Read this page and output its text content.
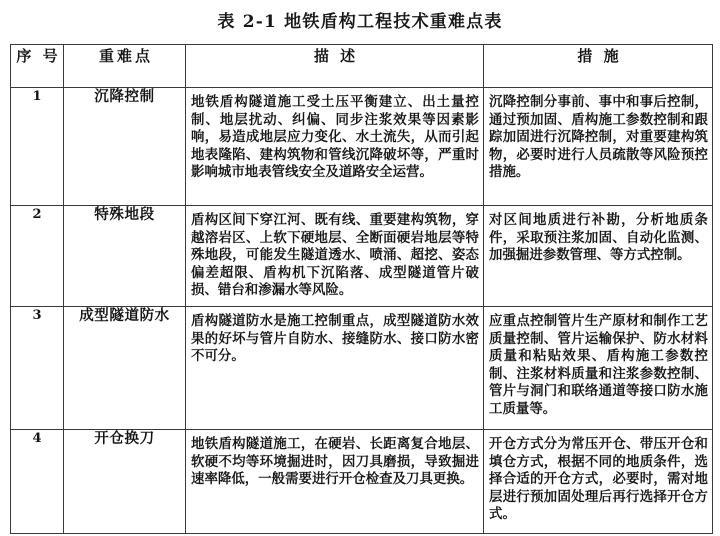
表 2-1 地铁盾构工程技术重难点表
序 号	重难点	描 述	措 施
1	沉降控制	地铁盾构隧道施工受土压平衡建立、出土量控制、地层扰动、纠偏、同步注浆效果等因素影响，易造成地层应力变化、水土流失，从而引起地表隆陷、建构筑物和管线沉降破坏等，严重时影响城市地表管线安全及道路安全运营。	沉降控制分事前、事中和事后控制，通过预加固、盾构施工参数控制和跟踪加固进行沉降控制，对重要建构筑物，必要时进行人员疏散等风险预控措施。

2	特殊地段	盾构区间下穿江河、既有线、重要建构筑物，穿越溶岩区、上软下硬地层、全断面硬岩地层等特殊地段，可能发生隧道透水、喷涌、超挖、姿态偏差超限、盾构机下沉陷落、成型隧道管片破损、错台和渗漏水等风险。	对区间地质进行补勘，分析地质条件，采取预注浆加固、自动化监测、加强掘进参数管理、等方式控制。

3	成型隧道防水	盾构隧道防水是施工控制重点，成型隧道防水效果的好坏与管片自防水、接缝防水、接口防水密不可分。	应重点控制管片生产原材和制作工艺质量控制、管片运输保护、防水材料质量和粘贴效果、盾构施工参数控制、注浆材料质量和注浆参数控制、管片与洞门和联络通道等接口防水施工质量等。

4	开仓换刀	地铁盾构隧道施工，在硬岩、长距离复合地层、软硬不均等环境掘进时，因刀具磨损，导致掘进速率降低，一般需要进行开仓检查及刀具更换。	开仓方式分为常压开仓、带压开仓和填仓方式，根据不同的地质条件，选择合适的开仓方式，必要时，需对地层进行预加固处理后再行选择开仓方式。
